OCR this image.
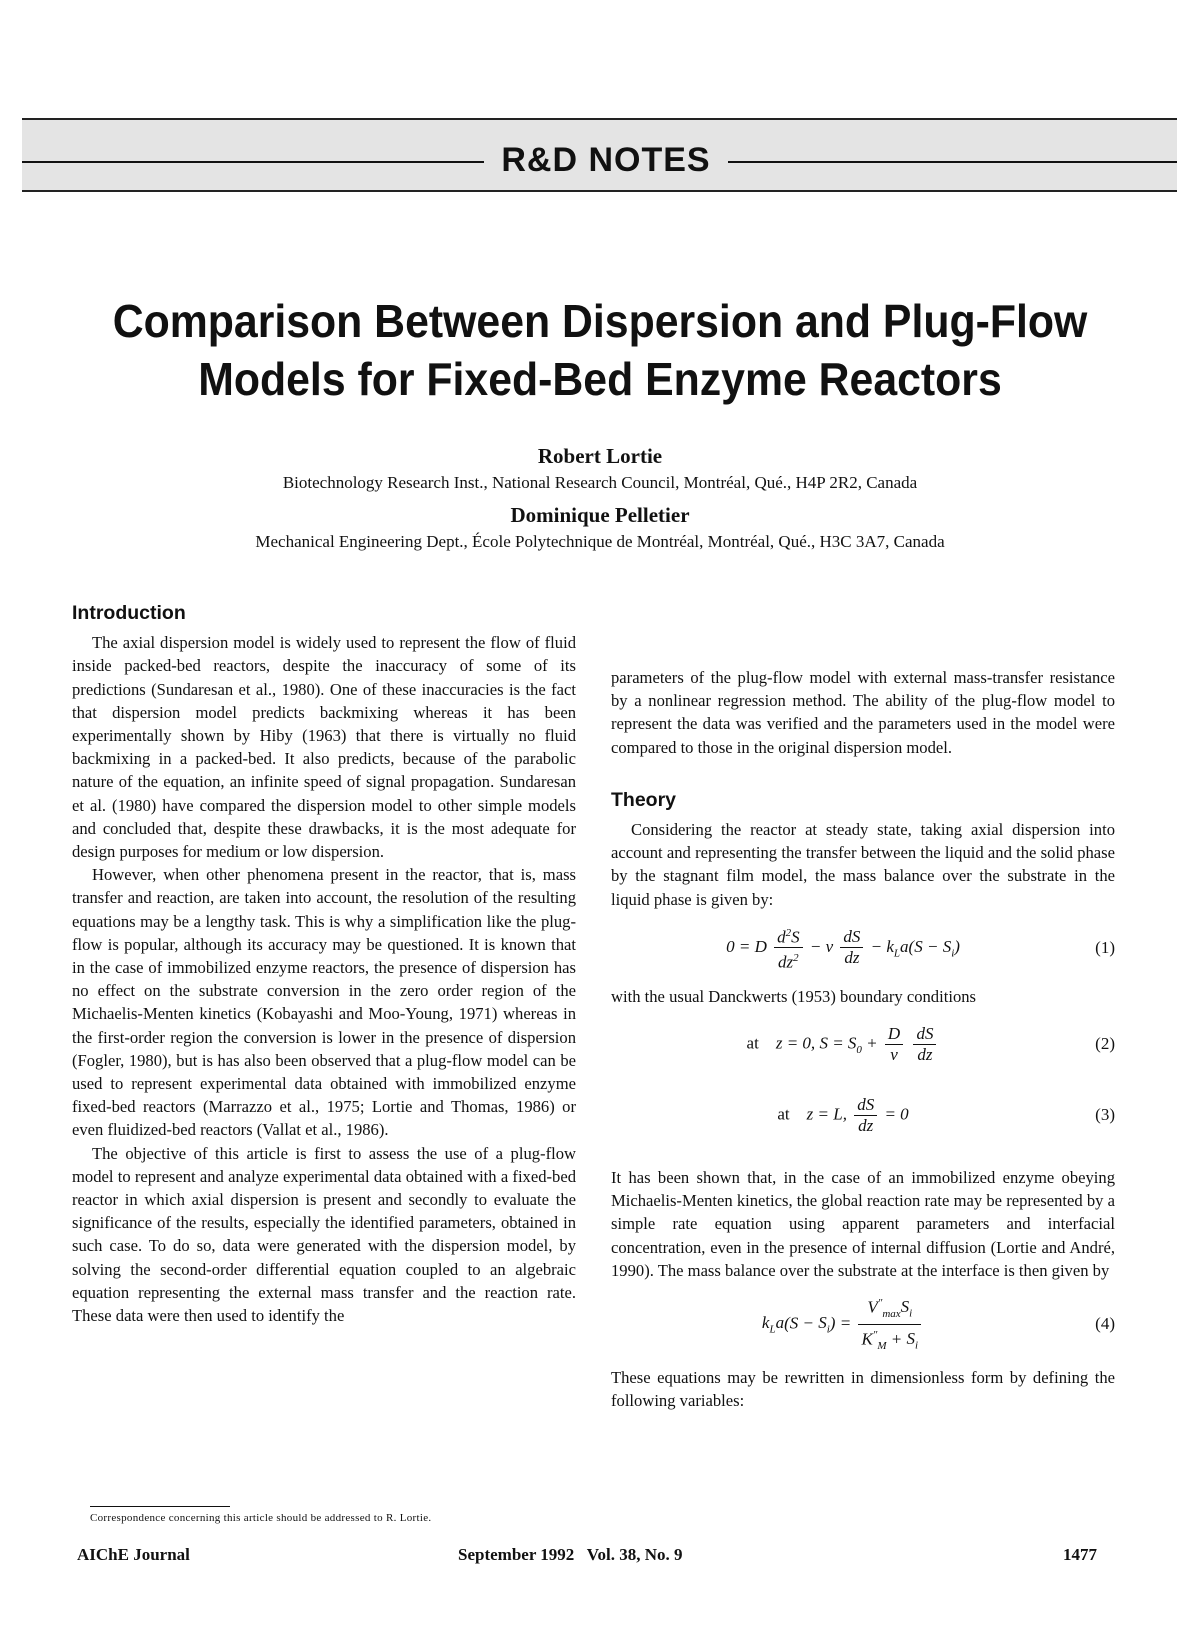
R&D NOTES
Comparison Between Dispersion and Plug-Flow
Models for Fixed-Bed Enzyme Reactors
Robert Lortie
Biotechnology Research Inst., National Research Council, Montréal, Qué., H4P 2R2, Canada
Dominique Pelletier
Mechanical Engineering Dept., École Polytechnique de Montréal, Montréal, Qué., H3C 3A7, Canada
Introduction

The axial dispersion model is widely used to represent the flow of fluid inside packed-bed reactors, despite the inaccuracy of some of its predictions (Sundaresan et al., 1980). One of these inaccuracies is the fact that dispersion model predicts backmixing whereas it has been experimentally shown by Hiby (1963) that there is virtually no fluid backmixing in a packed-bed. It also predicts, because of the parabolic nature of the equation, an infinite speed of signal propagation. Sundaresan et al. (1980) have compared the dispersion model to other simple models and concluded that, despite these drawbacks, it is the most adequate for design purposes for medium or low dispersion.

However, when other phenomena present in the reactor, that is, mass transfer and reaction, are taken into account, the resolution of the resulting equations may be a lengthy task. This is why a simplification like the plug-flow is popular, although its accuracy may be questioned. It is known that in the case of immobilized enzyme reactors, the presence of dispersion has no effect on the substrate conversion in the zero order region of the Michaelis-Menten kinetics (Kobayashi and Moo-Young, 1971) whereas in the first-order region the conversion is lower in the presence of dispersion (Fogler, 1980), but is has also been observed that a plug-flow model can be used to represent experimental data obtained with immobilized enzyme fixed-bed reactors (Marrazzo et al., 1975; Lortie and Thomas, 1986) or even fluidized-bed reactors (Vallat et al., 1986).

The objective of this article is first to assess the use of a plug-flow model to represent and analyze experimental data obtained with a fixed-bed reactor in which axial dispersion is present and secondly to evaluate the significance of the results, especially the identified parameters, obtained in such case. To do so, data were generated with the dispersion model, by solving the second-order differential equation coupled to an algebraic equation representing the external mass transfer and the reaction rate. These data were then used to identify the

Correspondence concerning this article should be addressed to R. Lortie.

parameters of the plug-flow model with external mass-transfer resistance by a nonlinear regression method. The ability of the plug-flow model to represent the data was verified and the parameters used in the model were compared to those in the original dispersion model.

Theory

Considering the reactor at steady state, taking axial dispersion into account and representing the transfer between the liquid and the solid phase by the stagnant film model, the mass balance over the substrate in the liquid phase is given by:

0 = D $\frac{d^2S}{dz^2} - \nu \frac{dS}{dz} - k_La(S - S_i)$	(1)

with the usual Danckwerts (1953) boundary conditions

at z = 0, $S = S_0 + \frac{D}{\nu}$
$\frac{dS}{dz}$	(2)
at z = L, $\frac{dS}{dz} = 0$	(3)

It has been shown that, in the case of an immobilized enzyme obeying Michaelis-Menten kinetics, the global reaction rate may be represented by a simple rate equation using apparent parameters and interfacial concentration, even in the presence of internal diffusion (Lortie and André, 1990). The mass balance over the substrate at the interface is then given by

$k_La(S - S_i) = \frac{V''_{max}S_i}{K''_M + S_i}$	(4)

These equations may be rewritten in dimensionless form by defining the following variables:

AIChE Journal	September 1992   Vol. 38, No. 9	1477
